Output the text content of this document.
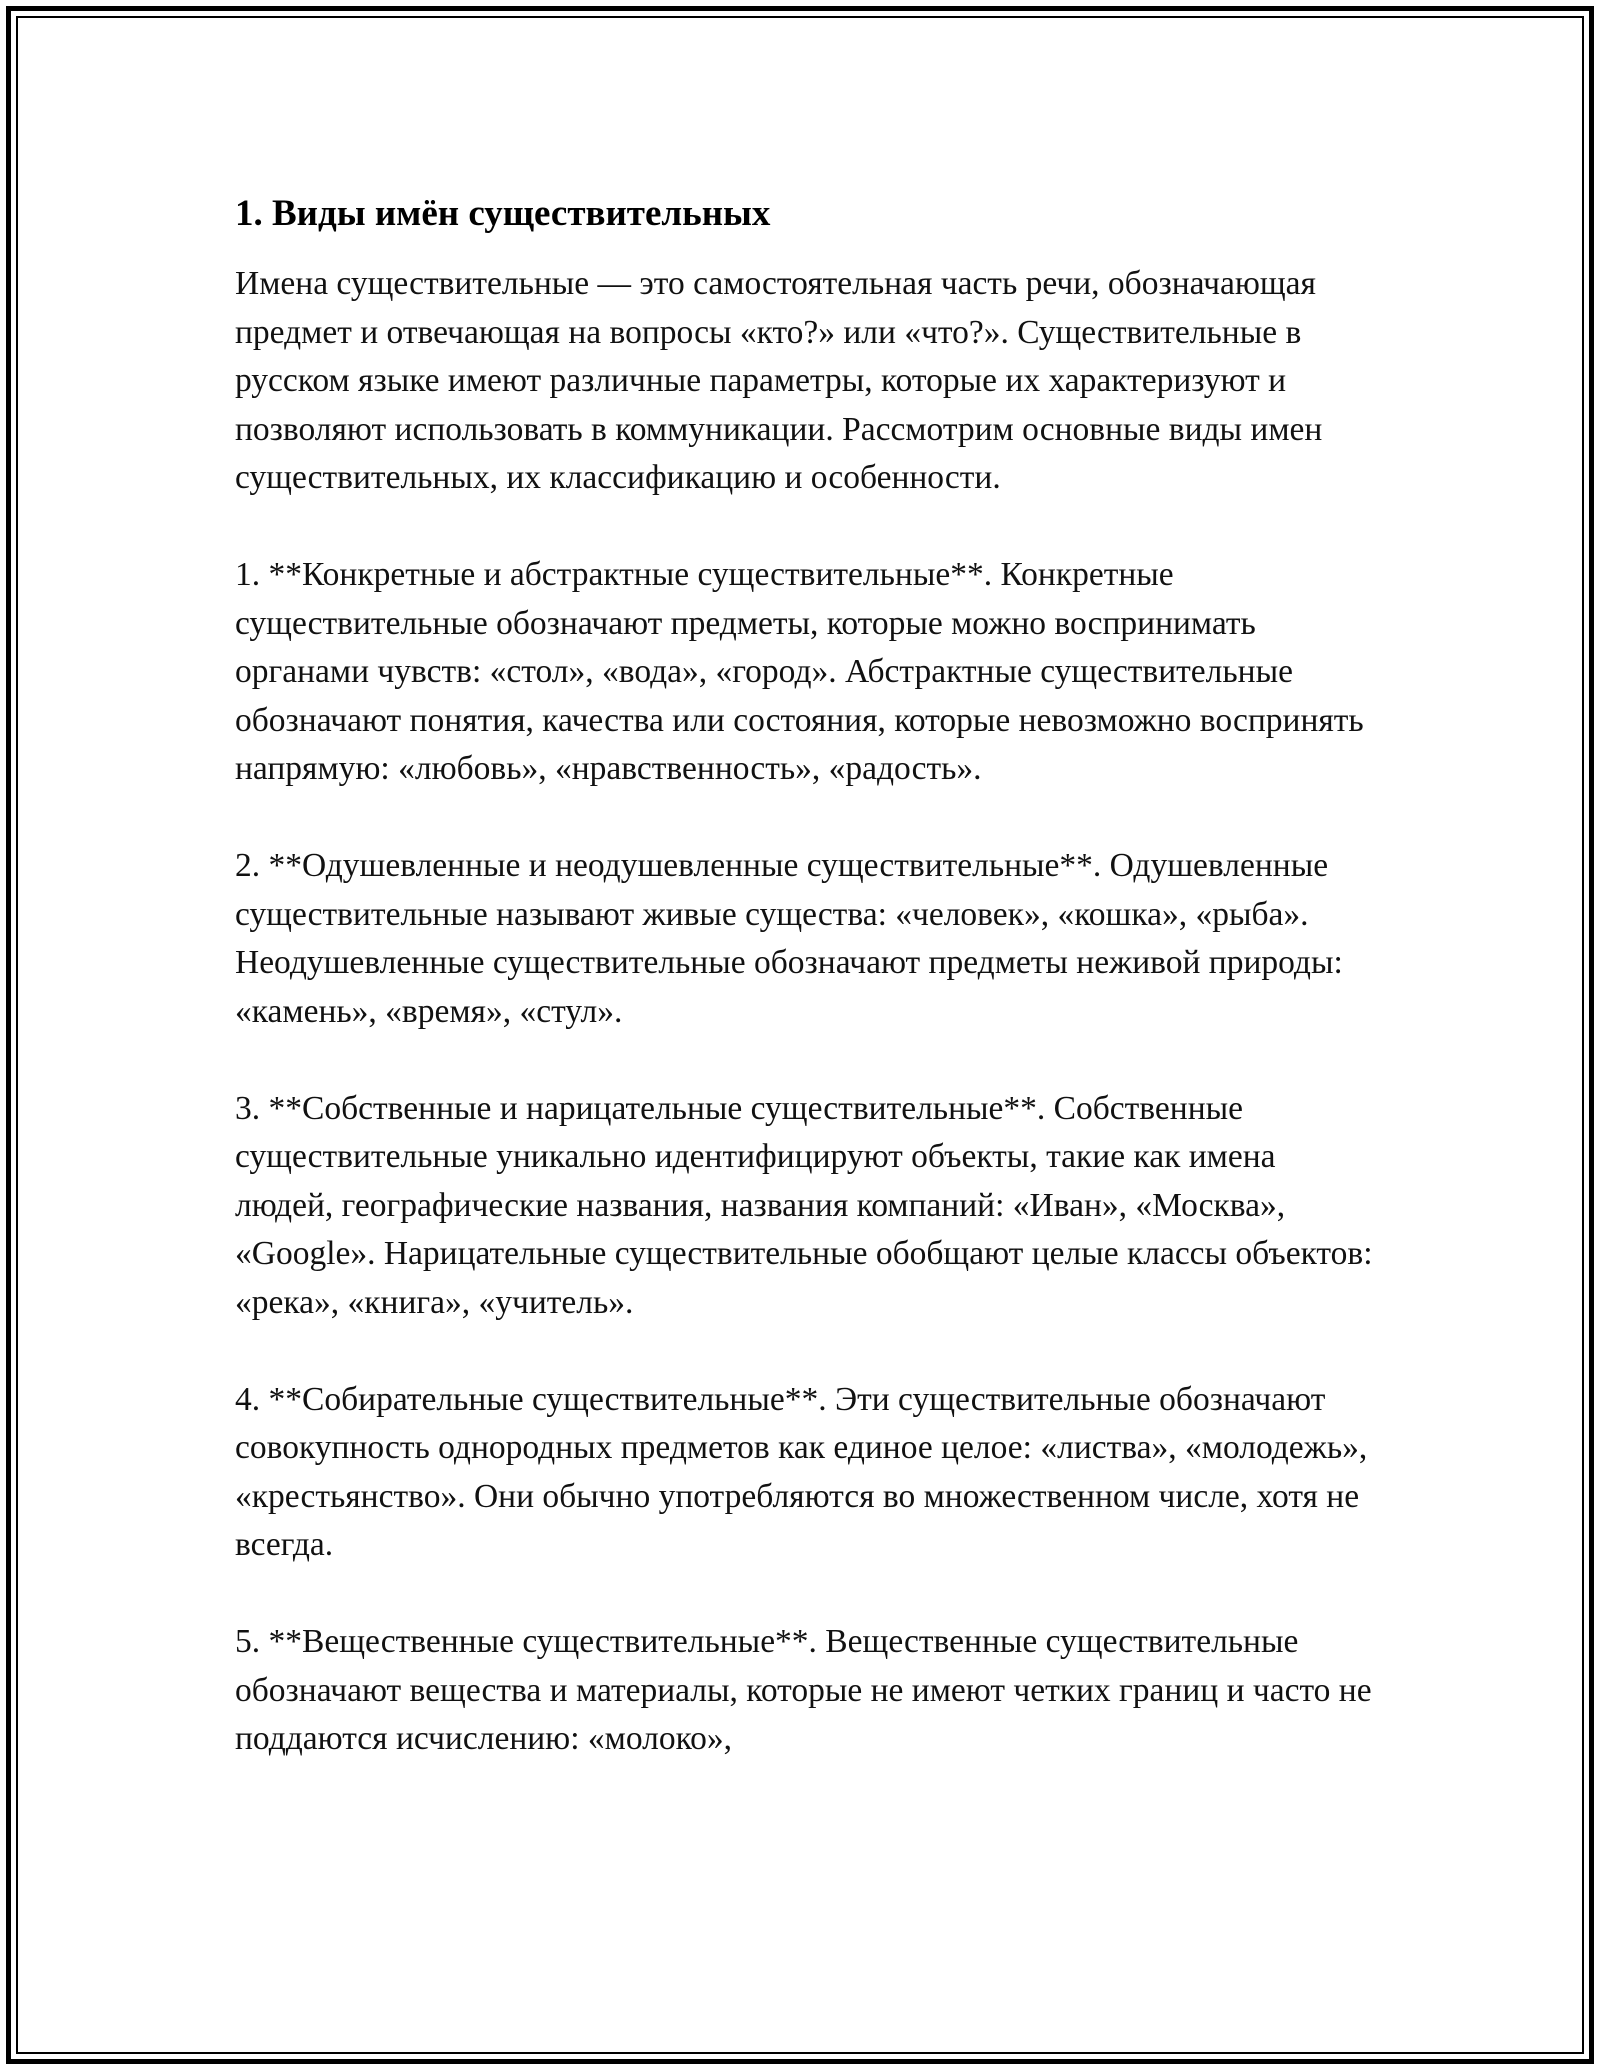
1. Виды имён существительных

Имена существительные — это самостоятельная часть речи, обозначающая предмет и отвечающая на вопросы «кто?» или «что?». Существительные в русском языке имеют различные параметры, которые их характеризуют и позволяют использовать в коммуникации. Рассмотрим основные виды имен существительных, их классификацию и особенности.

1. **Конкретные и абстрактные существительные**. Конкретные существительные обозначают предметы, которые можно воспринимать органами чувств: «стол», «вода», «город». Абстрактные существительные обозначают понятия, качества или состояния, которые невозможно воспринять напрямую: «любовь», «нравственность», «радость».

2. **Одушевленные и неодушевленные существительные**. Одушевленные существительные называют живые существа: «человек», «кошка», «рыба». Неодушевленные существительные обозначают предметы неживой природы: «камень», «время», «стул».

3. **Собственные и нарицательные существительные**. Собственные существительные уникально идентифицируют объекты, такие как имена людей, географические названия, названия компаний: «Иван», «Москва», «Google». Нарицательные существительные обобщают целые классы объектов: «река», «книга», «учитель».

4. **Собирательные существительные**. Эти существительные обозначают совокупность однородных предметов как единое целое: «листва», «молодежь», «крестьянство». Они обычно употребляются во множественном числе, хотя не всегда.

5. **Вещественные существительные**. Вещественные существительные обозначают вещества и материалы, которые не имеют четких границ и часто не поддаются исчислению: «молоко»,
